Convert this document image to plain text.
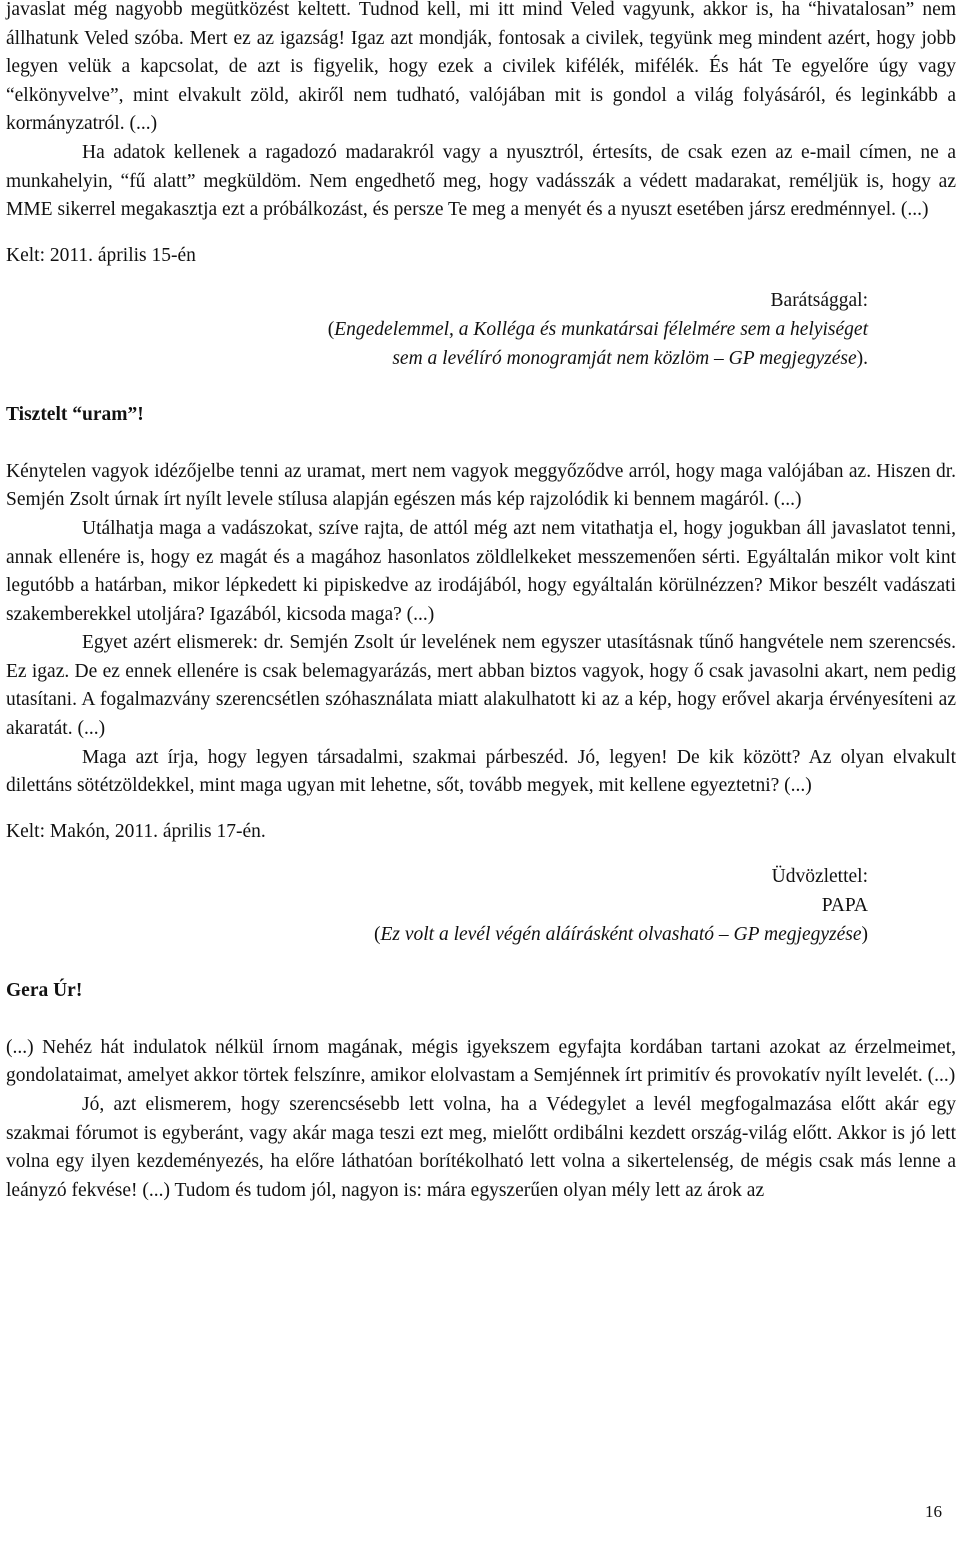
javaslat még nagyobb megütközést keltett. Tudnod kell, mi itt mind Veled vagyunk, akkor is, ha “hivatalosan” nem állhatunk Veled szóba. Mert ez az igazság! Igaz azt mondják, fontosak a civilek, tegyünk meg mindent azért, hogy jobb legyen velük a kapcsolat, de azt is figyelik, hogy ezek a civilek kifélék, mifélék. És hát Te egyelőre úgy vagy “elkönyvelve”, mint elvakult zöld, akiről nem tudható, valójában mit is gondol a világ folyásáról, és leginkább a kormányzatról. (...)

Ha adatok kellenek a ragadozó madarakról vagy a nyusztról, értesíts, de csak ezen az e-mail címen, ne a munkahelyin, “fű alatt” megküldöm. Nem engedhető meg, hogy vadásszák a védett madarakat, reméljük is, hogy az MME sikerrel megakasztja ezt a próbálkozást, és persze Te meg a menyét és a nyuszt esetében jársz eredménnyel. (...)

Kelt: 2011. április 15-én

Barátsággal:

(Engedelemmel, a Kolléga és munkatársai félelmére sem a helyiséget

sem a levélíró monogramját nem közlöm – GP megjegyzése).

Tisztelt “uram”!

Kénytelen vagyok idézőjelbe tenni az uramat, mert nem vagyok meggyőződve arról, hogy maga valójában az. Hiszen dr. Semjén Zsolt úrnak írt nyílt levele stílusa alapján egészen más kép rajzolódik ki bennem magáról. (...)

Utálhatja maga a vadászokat, szíve rajta, de attól még azt nem vitathatja el, hogy jogukban áll javaslatot tenni, annak ellenére is, hogy ez magát és a magához hasonlatos zöldlelkeket messzemenően sérti. Egyáltalán mikor volt kint legutóbb a határban, mikor lépkedett ki pipiskedve az irodájából, hogy egyáltalán körülnézzen? Mikor beszélt vadászati szakemberekkel utoljára? Igazából, kicsoda maga? (...)

Egyet azért elismerek: dr. Semjén Zsolt úr levelének nem egyszer utasításnak tűnő hangvétele nem szerencsés. Ez igaz. De ez ennek ellenére is csak belemagyarázás, mert abban biztos vagyok, hogy ő csak javasolni akart, nem pedig utasítani. A fogalmazvány szerencsétlen szóhasználata miatt alakulhatott ki az a kép, hogy erővel akarja érvényesíteni az akaratát. (...)

Maga azt írja, hogy legyen társadalmi, szakmai párbeszéd. Jó, legyen! De kik között? Az olyan elvakult dilettáns sötétzöldekkel, mint maga ugyan mit lehetne, sőt, tovább megyek, mit kellene egyeztetni? (...)

Kelt: Makón, 2011. április 17-én.

Üdvözlettel:

PAPA

(Ez volt a levél végén aláírásként olvasható – GP megjegyzése)

Gera Úr!

(...) Nehéz hát indulatok nélkül írnom magának, mégis igyekszem egyfajta kordában tartani azokat az érzelmeimet, gondolataimat, amelyet akkor törtek felszínre, amikor elolvastam a Semjénnek írt primitív és provokatív nyílt levelét. (...)

Jó, azt elismerem, hogy szerencsésebb lett volna, ha a Védegylet a levél megfogalmazása előtt akár egy szakmai fórumot is egyberánt, vagy akár maga teszi ezt meg, mielőtt ordibálni kezdett ország-világ előtt. Akkor is jó lett volna egy ilyen kezdeményezés, ha előre láthatóan borítékolható lett volna a sikertelenség, de mégis csak más lenne a leányzó fekvése! (...) Tudom és tudom jól, nagyon is: mára egyszerűen olyan mély lett az árok az

16
